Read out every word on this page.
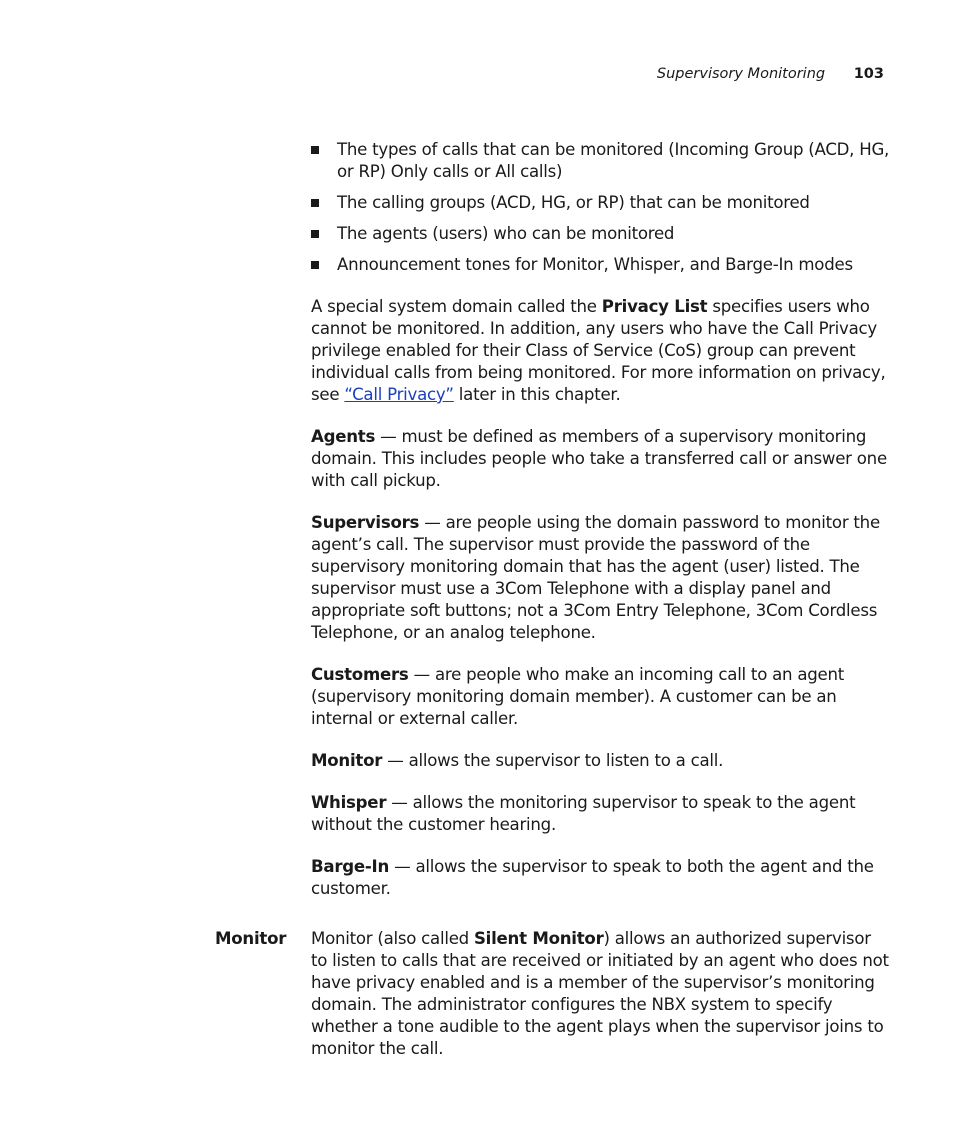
Supervisory Monitoring 103
The types of calls that can be monitored (Incoming Group (ACD, HG, or RP) Only calls or All calls)
The calling groups (ACD, HG, or RP) that can be monitored
The agents (users) who can be monitored
Announcement tones for Monitor, Whisper, and Barge-In modes

A special system domain called the Privacy List specifies users who cannot be monitored. In addition, any users who have the Call Privacy privilege enabled for their Class of Service (CoS) group can prevent individual calls from being monitored. For more information on privacy, see “Call Privacy” later in this chapter.

Agents — must be defined as members of a supervisory monitoring domain. This includes people who take a transferred call or answer one with call pickup.

Supervisors — are people using the domain password to monitor the agent’s call. The supervisor must provide the password of the supervisory monitoring domain that has the agent (user) listed. The supervisor must use a 3Com Telephone with a display panel and appropriate soft buttons; not a 3Com Entry Telephone, 3Com Cordless Telephone, or an analog telephone.

Customers — are people who make an incoming call to an agent (supervisory monitoring domain member). A customer can be an internal or external caller.

Monitor — allows the supervisor to listen to a call.

Whisper — allows the monitoring supervisor to speak to the agent without the customer hearing.

Barge-In — allows the supervisor to speak to both the agent and the customer.

Monitor Monitor (also called Silent Monitor) allows an authorized supervisor to listen to calls that are received or initiated by an agent who does not have privacy enabled and is a member of the supervisor’s monitoring domain. The administrator configures the NBX system to specify whether a tone audible to the agent plays when the supervisor joins to monitor the call.
